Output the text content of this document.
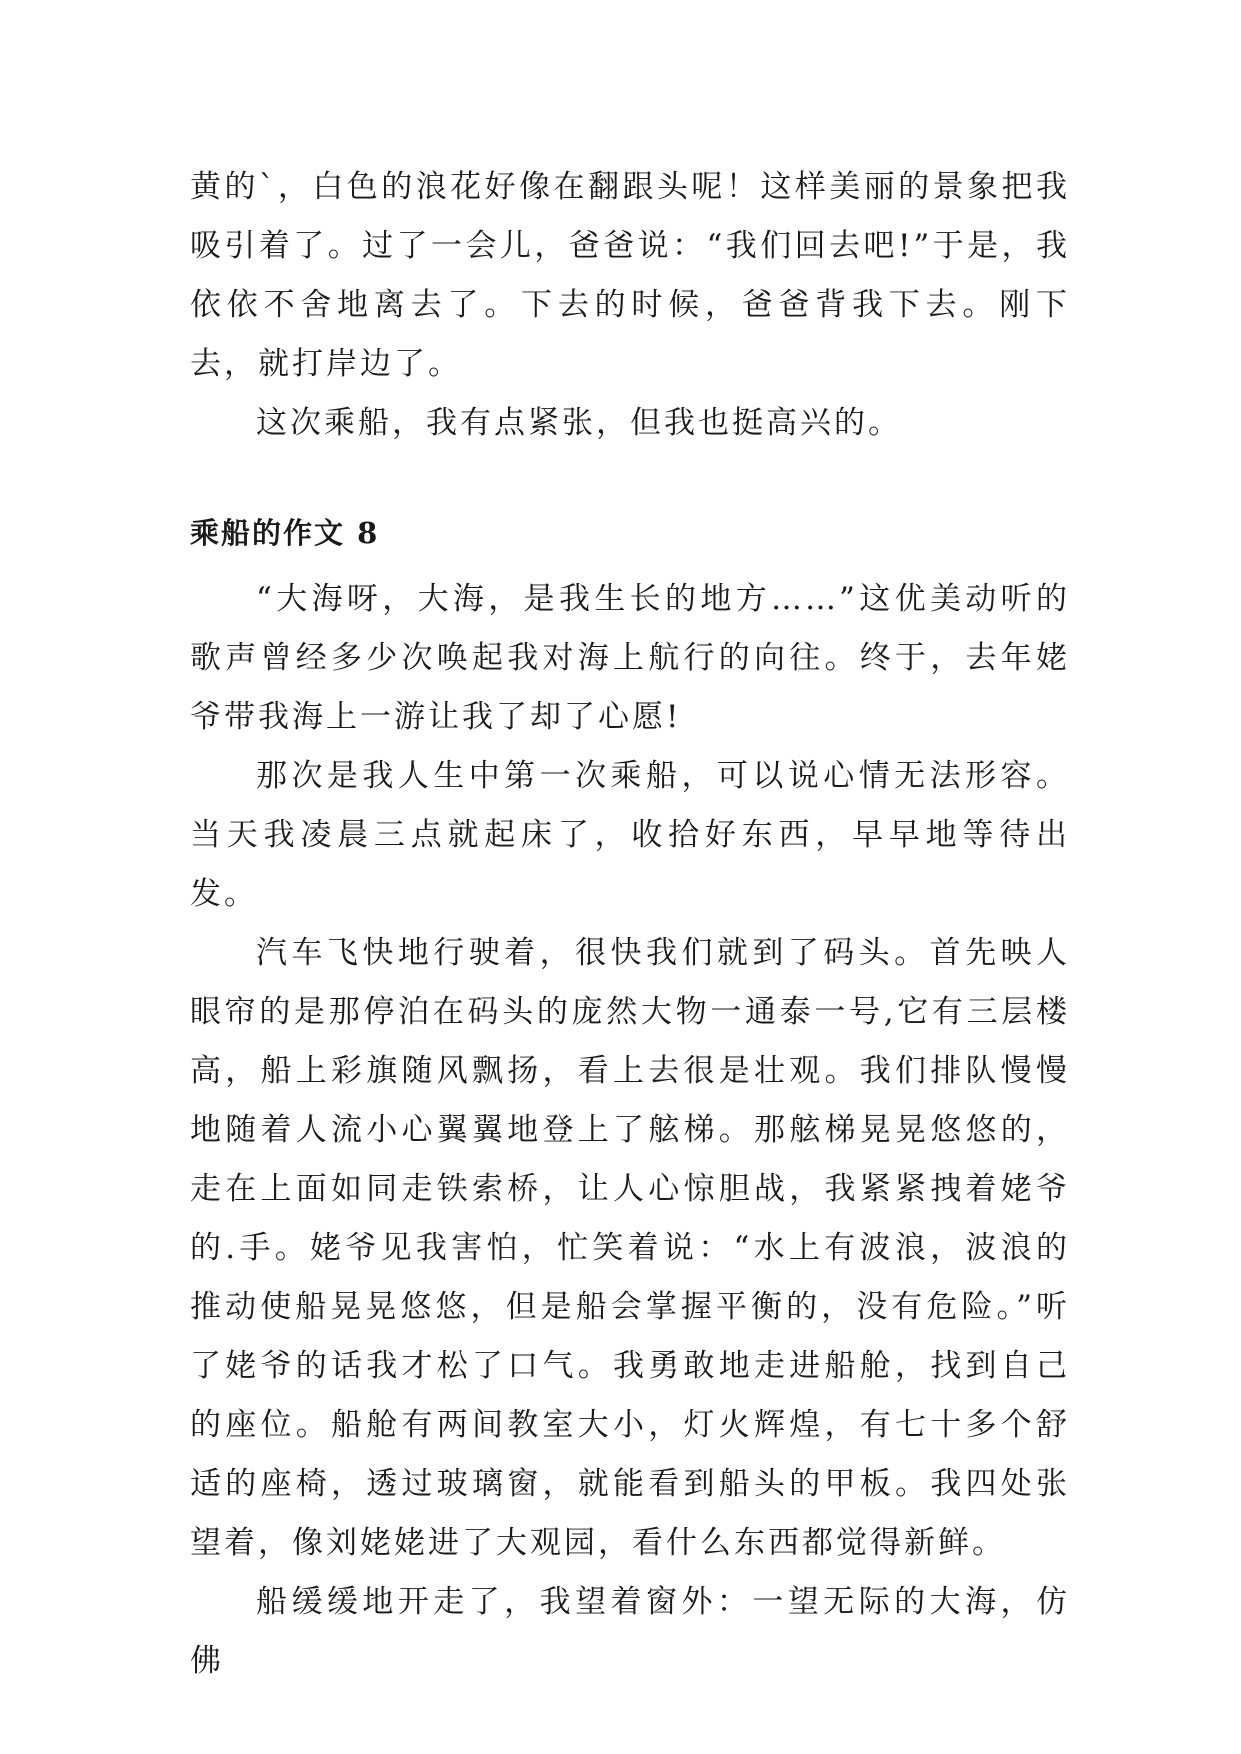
黄的`，白色的浪花好像在翻跟头呢！这样美丽的景象把我吸引着了。过了一会儿，爸爸说：“我们回去吧!”于是，我依依不舍地离去了。下去的时候，爸爸背我下去。刚下去，就打岸边了。

这次乘船，我有点紧张，但我也挺高兴的。

乘船的作文 8

“大海呀，大海，是我生长的地方……”这优美动听的歌声曾经多少次唤起我对海上航行的向往。终于，去年姥爷带我海上一游让我了却了心愿!

那次是我人生中第一次乘船，可以说心情无法形容。当天我凌晨三点就起床了，收拾好东西，早早地等待出发。

汽车飞快地行驶着，很快我们就到了码头。首先映人眼帘的是那停泊在码头的庞然大物一通泰一号,它有三层楼高，船上彩旗随风飘扬，看上去很是壮观。我们排队慢慢地随着人流小心翼翼地登上了舷梯。那舷梯晃晃悠悠的，走在上面如同走铁索桥，让人心惊胆战，我紧紧拽着姥爷的.手。姥爷见我害怕，忙笑着说：“水上有波浪，波浪的推动使船晃晃悠悠，但是船会掌握平衡的，没有危险。”听了姥爷的话我才松了口气。我勇敢地走进船舱，找到自己的座位。船舱有两间教室大小，灯火辉煌，有七十多个舒适的座椅，透过玻璃窗，就能看到船头的甲板。我四处张望着，像刘姥姥进了大观园，看什么东西都觉得新鲜。

船缓缓地开走了，我望着窗外：一望无际的大海，仿佛
